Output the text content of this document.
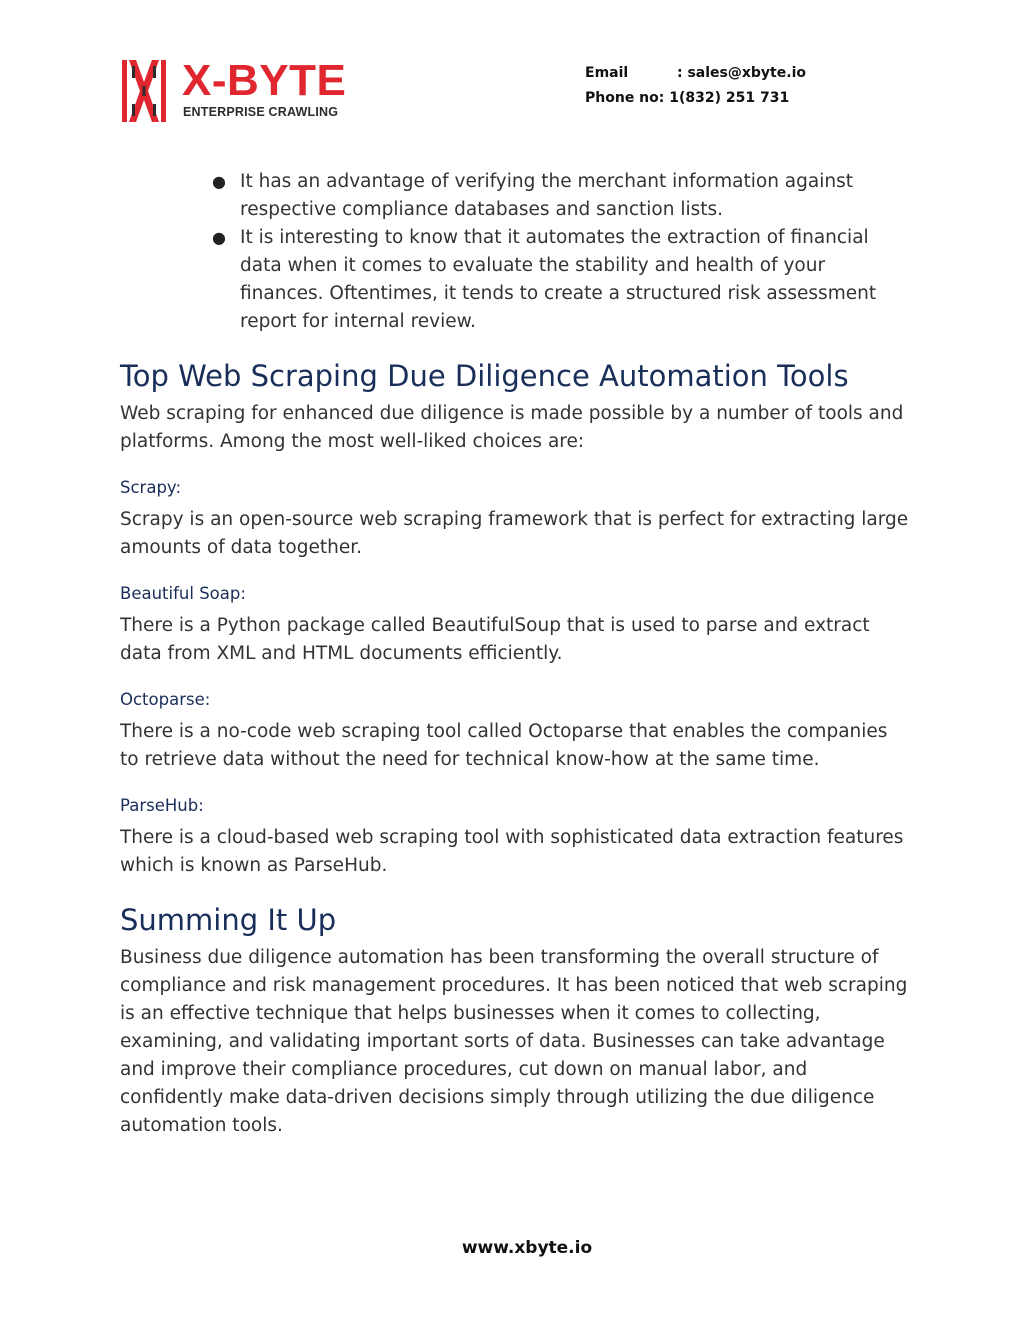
X-BYTE
ENTERPRISE CRAWLING
Email	: sales@xbyte.io
Phone no : 1(832) 251 731
● It has an advantage of verifying the merchant information against respective compliance databases and sanction lists.
● It is interesting to know that it automates the extraction of financial data when it comes to evaluate the stability and health of your finances. Oftentimes, it tends to create a structured risk assessment report for internal review.
Top Web Scraping Due Diligence Automation Tools

Web scraping for enhanced due diligence is made possible by a number of tools and platforms. Among the most well-liked choices are:

Scrapy:

Scrapy is an open-source web scraping framework that is perfect for extracting large amounts of data together.

Beautiful Soap:

There is a Python package called BeautifulSoup that is used to parse and extract data from XML and HTML documents efficiently.

Octoparse:

There is a no-code web scraping tool called Octoparse that enables the companies to retrieve data without the need for technical know-how at the same time.

ParseHub:

There is a cloud-based web scraping tool with sophisticated data extraction features which is known as ParseHub.

Summing It Up

Business due diligence automation has been transforming the overall structure of compliance and risk management procedures. It has been noticed that web scraping is an effective technique that helps businesses when it comes to collecting, examining, and validating important sorts of data. Businesses can take advantage and improve their compliance procedures, cut down on manual labor, and confidently make data-driven decisions simply through utilizing the due diligence automation tools.

www.xbyte.io
